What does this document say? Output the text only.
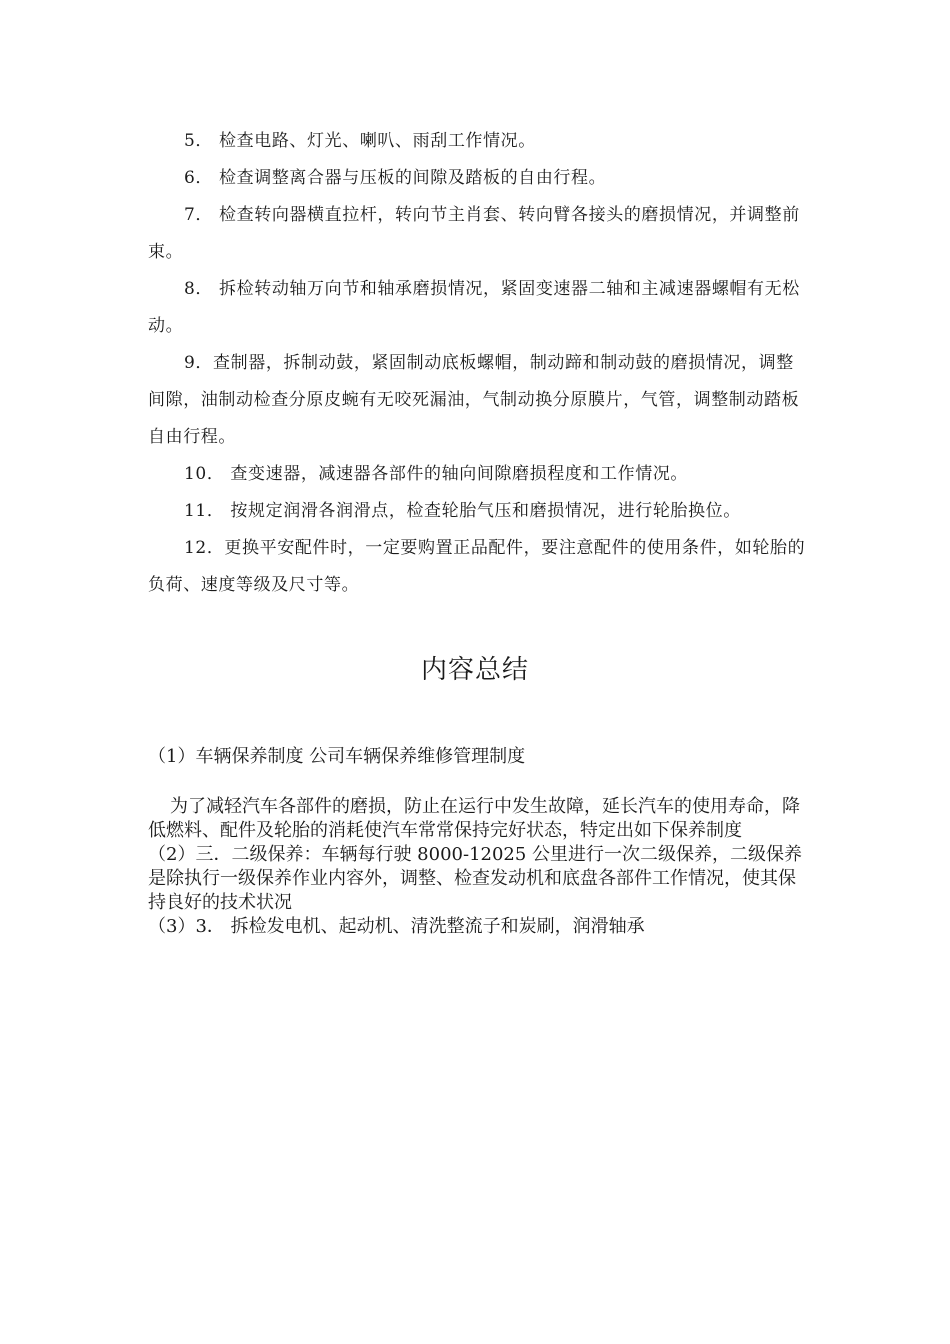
5． 检查电路、灯光、喇叭、雨刮工作情况。

6． 检查调整离合器与压板的间隙及踏板的自由行程。

7． 检查转向器横直拉杆，转向节主肖套、转向臂各接头的磨损情况，并调整前束。

8． 拆检转动轴万向节和轴承磨损情况，紧固变速器二轴和主减速器螺帽有无松动。

9．查制器，拆制动鼓，紧固制动底板螺帽，制动蹄和制动鼓的磨损情况，调整间隙，油制动检查分原皮蜿有无咬死漏油，气制动换分原膜片，气管，调整制动踏板自由行程。

10． 查变速器，减速器各部件的轴向间隙磨损程度和工作情况。

11． 按规定润滑各润滑点，检查轮胎气压和磨损情况，进行轮胎换位。

12．更换平安配件时，一定要购置正品配件，要注意配件的使用条件，如轮胎的负荷、速度等级及尺寸等。

内容总结
（1）车辆保养制度 公司车辆保养维修管理制度

为了减轻汽车各部件的磨损，防止在运行中发生故障，延长汽车的使用寿命，降低燃料、配件及轮胎的消耗使汽车常常保持完好状态，特定出如下保养制度

（2）三．二级保养：车辆每行驶 8000-12025 公里进行一次二级保养，二级保养是除执行一级保养作业内容外，调整、检查发动机和底盘各部件工作情况，使其保持良好的技术状况

（3）3． 拆检发电机、起动机、清洗整流子和炭刷，润滑轴承
